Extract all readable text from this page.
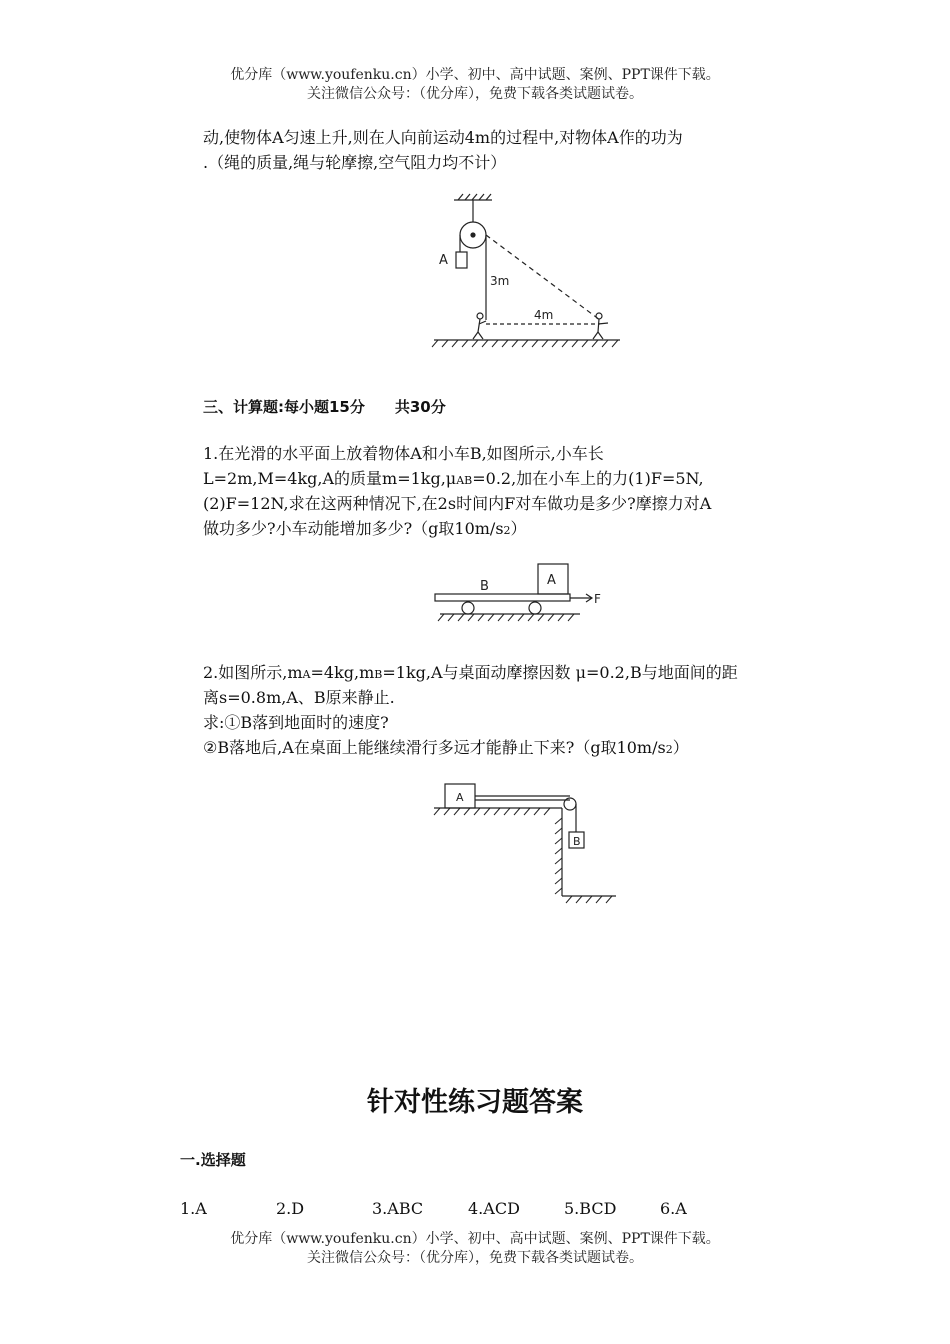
优分库（www.youfenku.cn）小学、初中、高中试题、案例、PPT课件下载。
关注微信公众号：（优分库），免费下载各类试题试卷。
动,使物体A匀速上升,则在人向前运动4m的过程中,对物体A作的功为
.（绳的质量,绳与轮摩擦,空气阻力均不计）
A
3m
4m
三、计算题:每小题15分 共30分
1.在光滑的水平面上放着物体A和小车B,如图所示,小车长
L=2m,M=4kg,A的质量m=1kg,μAB=0.2,加在小车上的力(1)F=5N,
(2)F=12N,求在这两种情况下,在2s时间内F对车做功是多少?摩擦力对A
做功多少?小车动能增加多少?（g取10m/s2）
A
B
F
2.如图所示,mA=4kg,mB=1kg,A与桌面动摩擦因数 μ=0.2,B与地面间的距
离s=0.8m,A、B原来静止.
求:①B落到地面时的速度?
②B落地后,A在桌面上能继续滑行多远才能静止下来?（g取10m/s2）
A
B
针对性练习题答案
一.选择题
1.A	2.D	3.ABC	4.ACD	5.BCD	6.A
优分库（www.youfenku.cn）小学、初中、高中试题、案例、PPT课件下载。
关注微信公众号：（优分库），免费下载各类试题试卷。
